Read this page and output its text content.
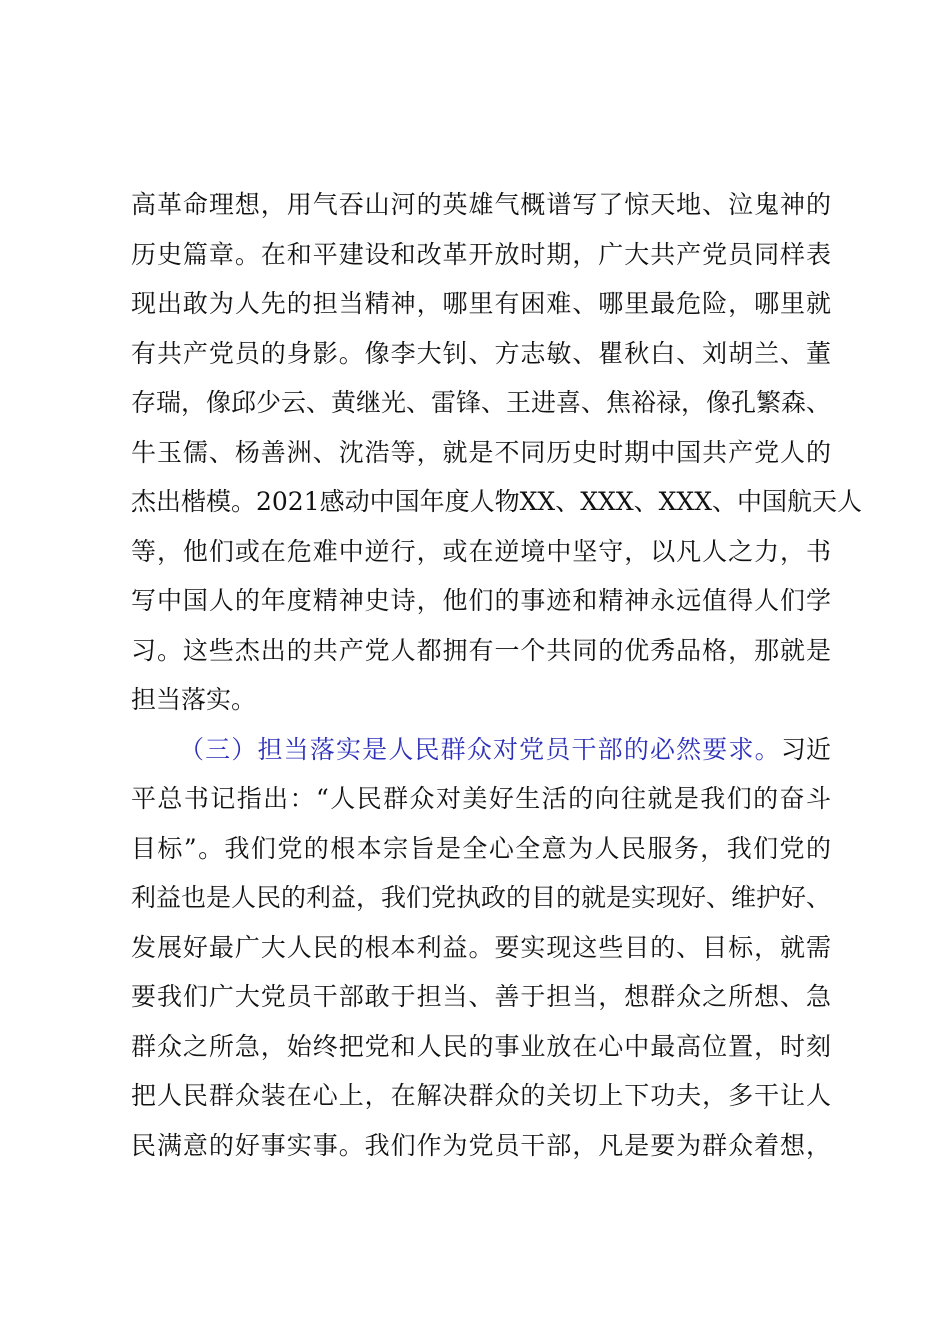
高革命理想，用气吞山河的英雄气概谱写了惊天地、泣鬼神的
历史篇章。在和平建设和改革开放时期，广大共产党员同样表
现出敢为人先的担当精神，哪里有困难、哪里最危险，哪里就
有共产党员的身影。像李大钊、方志敏、瞿秋白、刘胡兰、董
存瑞，像邱少云、黄继光、雷锋、王进喜、焦裕禄，像孔繁森、
牛玉儒、杨善洲、沈浩等，就是不同历史时期中国共产党人的
杰出楷模。2021感动中国年度人物XX、XXX、XXX、中国航天人
等，他们或在危难中逆行，或在逆境中坚守，以凡人之力，书
写中国人的年度精神史诗，他们的事迹和精神永远值得人们学
习。这些杰出的共产党人都拥有一个共同的优秀品格，那就是
担当落实。
（三）担当落实是人民群众对党员干部的必然要求。习近
平总书记指出：“人民群众对美好生活的向往就是我们的奋斗
目标”。我们党的根本宗旨是全心全意为人民服务，我们党的
利益也是人民的利益，我们党执政的目的就是实现好、维护好、
发展好最广大人民的根本利益。要实现这些目的、目标，就需
要我们广大党员干部敢于担当、善于担当，想群众之所想、急
群众之所急，始终把党和人民的事业放在心中最高位置，时刻
把人民群众装在心上，在解决群众的关切上下功夫，多干让人
民满意的好事实事。我们作为党员干部，凡是要为群众着想，
